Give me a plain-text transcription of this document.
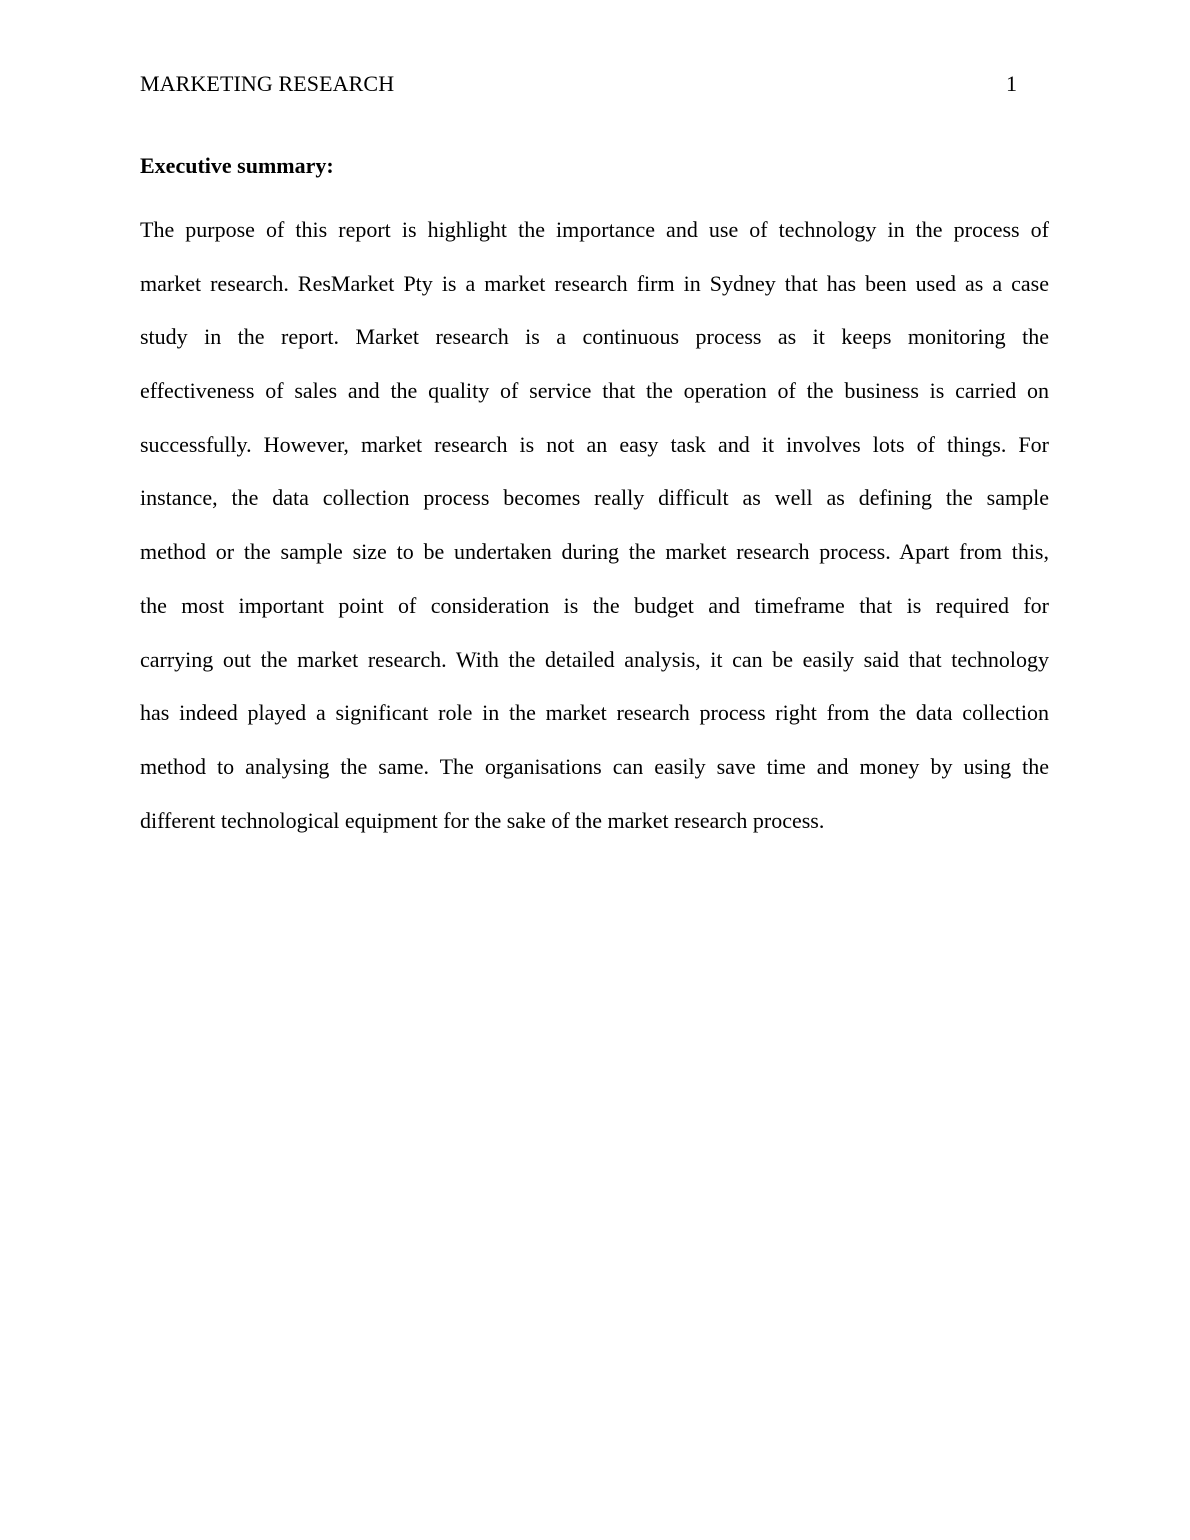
MARKETING RESEARCH	1
Executive summary:
The purpose of this report is highlight the importance and use of technology in the process of
market research. ResMarket Pty is a market research firm in Sydney that has been used as a case
study in the report. Market research is a continuous process as it keeps monitoring the
effectiveness of sales and the quality of service that the operation of the business is carried on
successfully. However, market research is not an easy task and it involves lots of things. For
instance, the data collection process becomes really difficult as well as defining the sample
method or the sample size to be undertaken during the market research process. Apart from this,
the most important point of consideration is the budget and timeframe that is required for
carrying out the market research. With the detailed analysis, it can be easily said that technology
has indeed played a significant role in the market research process right from the data collection
method to analysing the same. The organisations can easily save time and money by using the
different technological equipment for the sake of the market research process.
